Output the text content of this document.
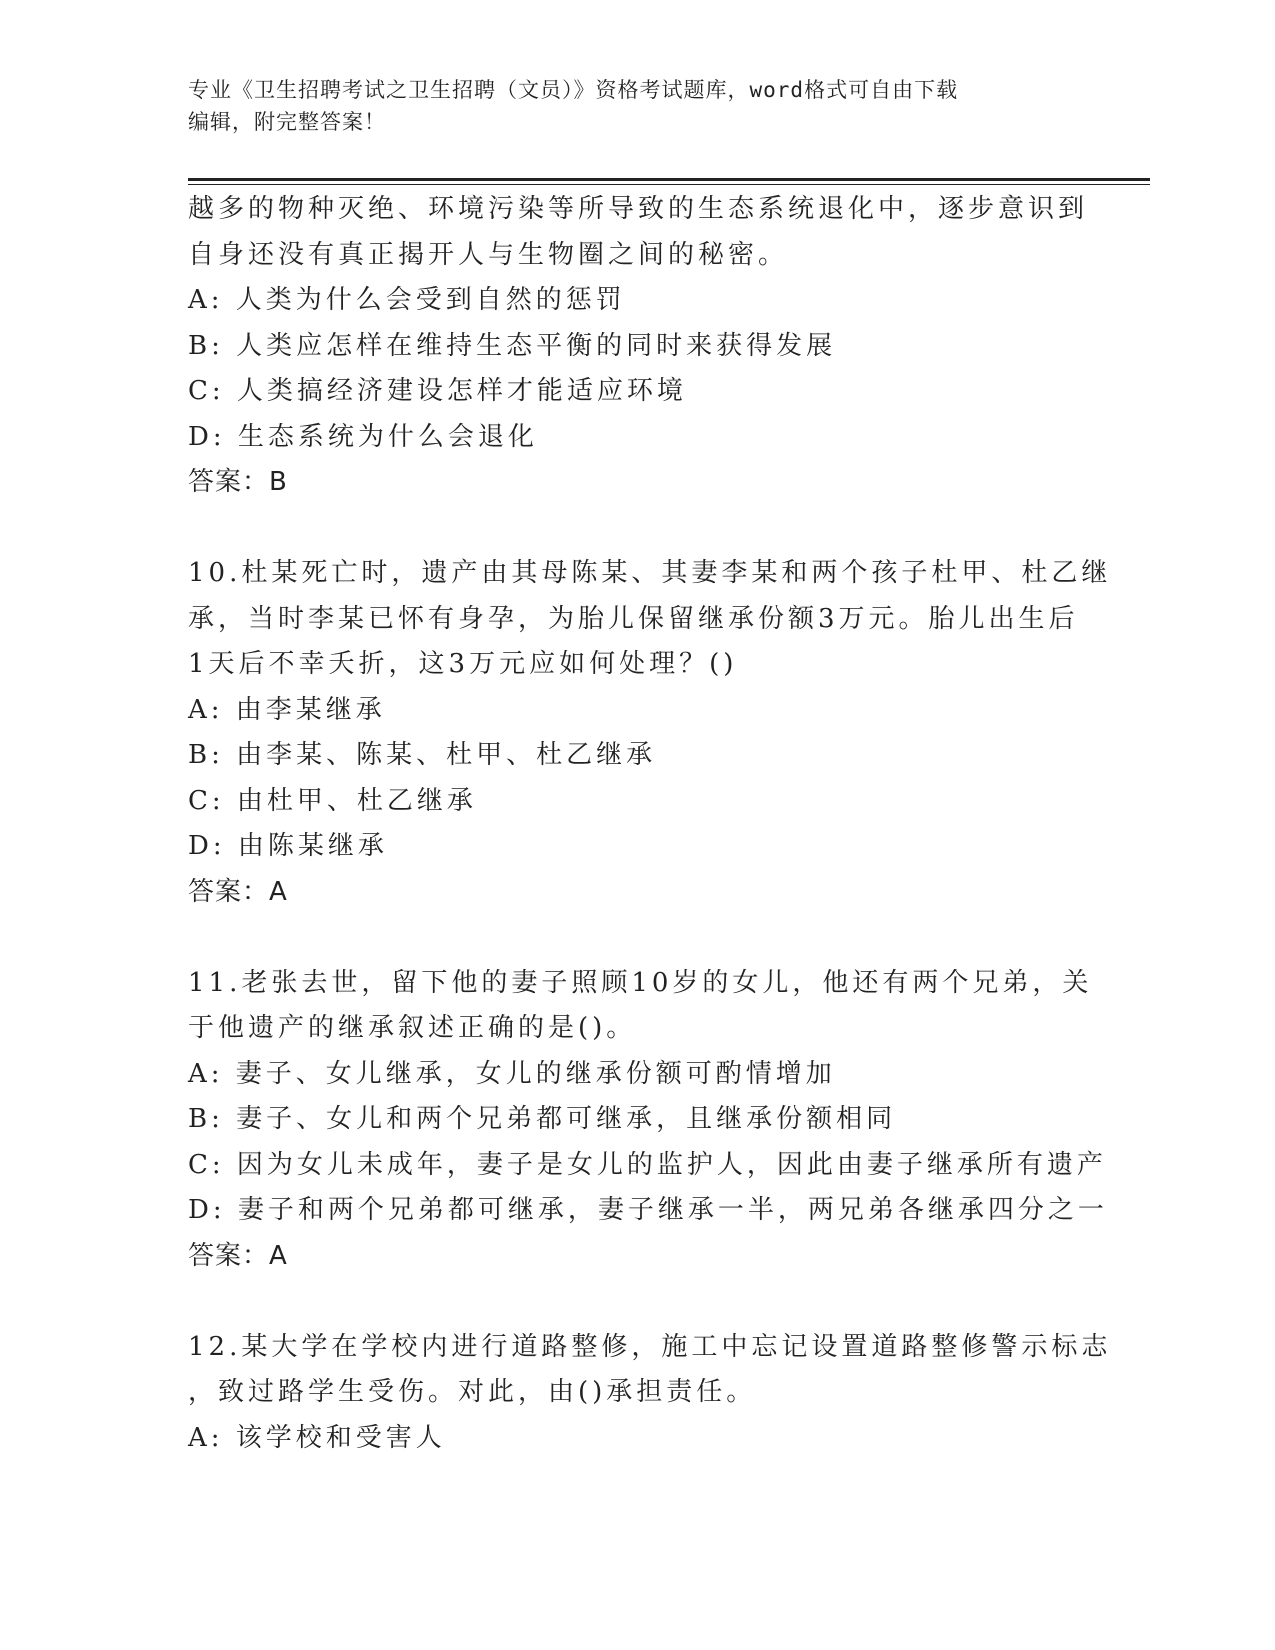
专业《卫生招聘考试之卫生招聘（文员）》资格考试题库，word格式可自由下载
编辑，附完整答案！
越多的物种灭绝、环境污染等所导致的生态系统退化中，逐步意识到
自身还没有真正揭开人与生物圈之间的秘密。
A: 人类为什么会受到自然的惩罚
B: 人类应怎样在维持生态平衡的同时来获得发展
C: 人类搞经济建设怎样才能适应环境
D: 生态系统为什么会退化
答案：B
10.杜某死亡时，遗产由其母陈某、其妻李某和两个孩子杜甲、杜乙继
承，当时李某已怀有身孕，为胎儿保留继承份额3万元。胎儿出生后
1天后不幸夭折，这3万元应如何处理？()
A: 由李某继承
B: 由李某、陈某、杜甲、杜乙继承
C: 由杜甲、杜乙继承
D: 由陈某继承
答案：A
11.老张去世，留下他的妻子照顾10岁的女儿，他还有两个兄弟，关
于他遗产的继承叙述正确的是()。
A: 妻子、女儿继承，女儿的继承份额可酌情增加
B: 妻子、女儿和两个兄弟都可继承，且继承份额相同
C: 因为女儿未成年，妻子是女儿的监护人，因此由妻子继承所有遗产
D: 妻子和两个兄弟都可继承，妻子继承一半，两兄弟各继承四分之一
答案：A
12.某大学在学校内进行道路整修，施工中忘记设置道路整修警示标志
，致过路学生受伤。对此，由()承担责任。
A: 该学校和受害人
